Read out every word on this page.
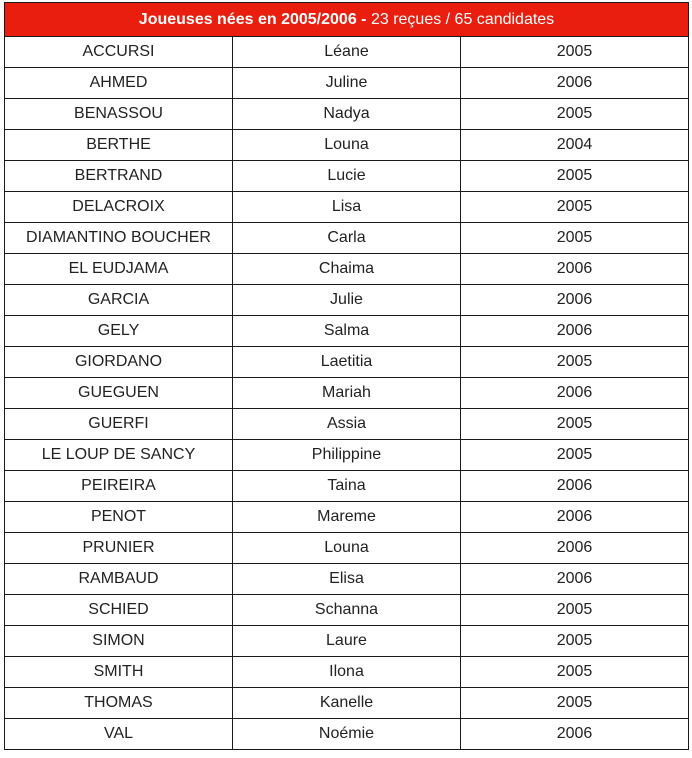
Joueuses nées en 2005/2006 - 23 reçues / 65 candidates		
ACCURSI	Léane	2005
AHMED	Juline	2006
BENASSOU	Nadya	2005
BERTHE	Louna	2004
BERTRAND	Lucie	2005
DELACROIX	Lisa	2005
DIAMANTINO BOUCHER	Carla	2005
EL EUDJAMA	Chaima	2006
GARCIA	Julie	2006
GELY	Salma	2006
GIORDANO	Laetitia	2005
GUEGUEN	Mariah	2006
GUERFI	Assia	2005
LE LOUP DE SANCY	Philippine	2005
PEIREIRA	Taina	2006
PENOT	Mareme	2006
PRUNIER	Louna	2006
RAMBAUD	Elisa	2006
SCHIED	Schanna	2005
SIMON	Laure	2005
SMITH	Ilona	2005
THOMAS	Kanelle	2005
VAL	Noémie	2006
